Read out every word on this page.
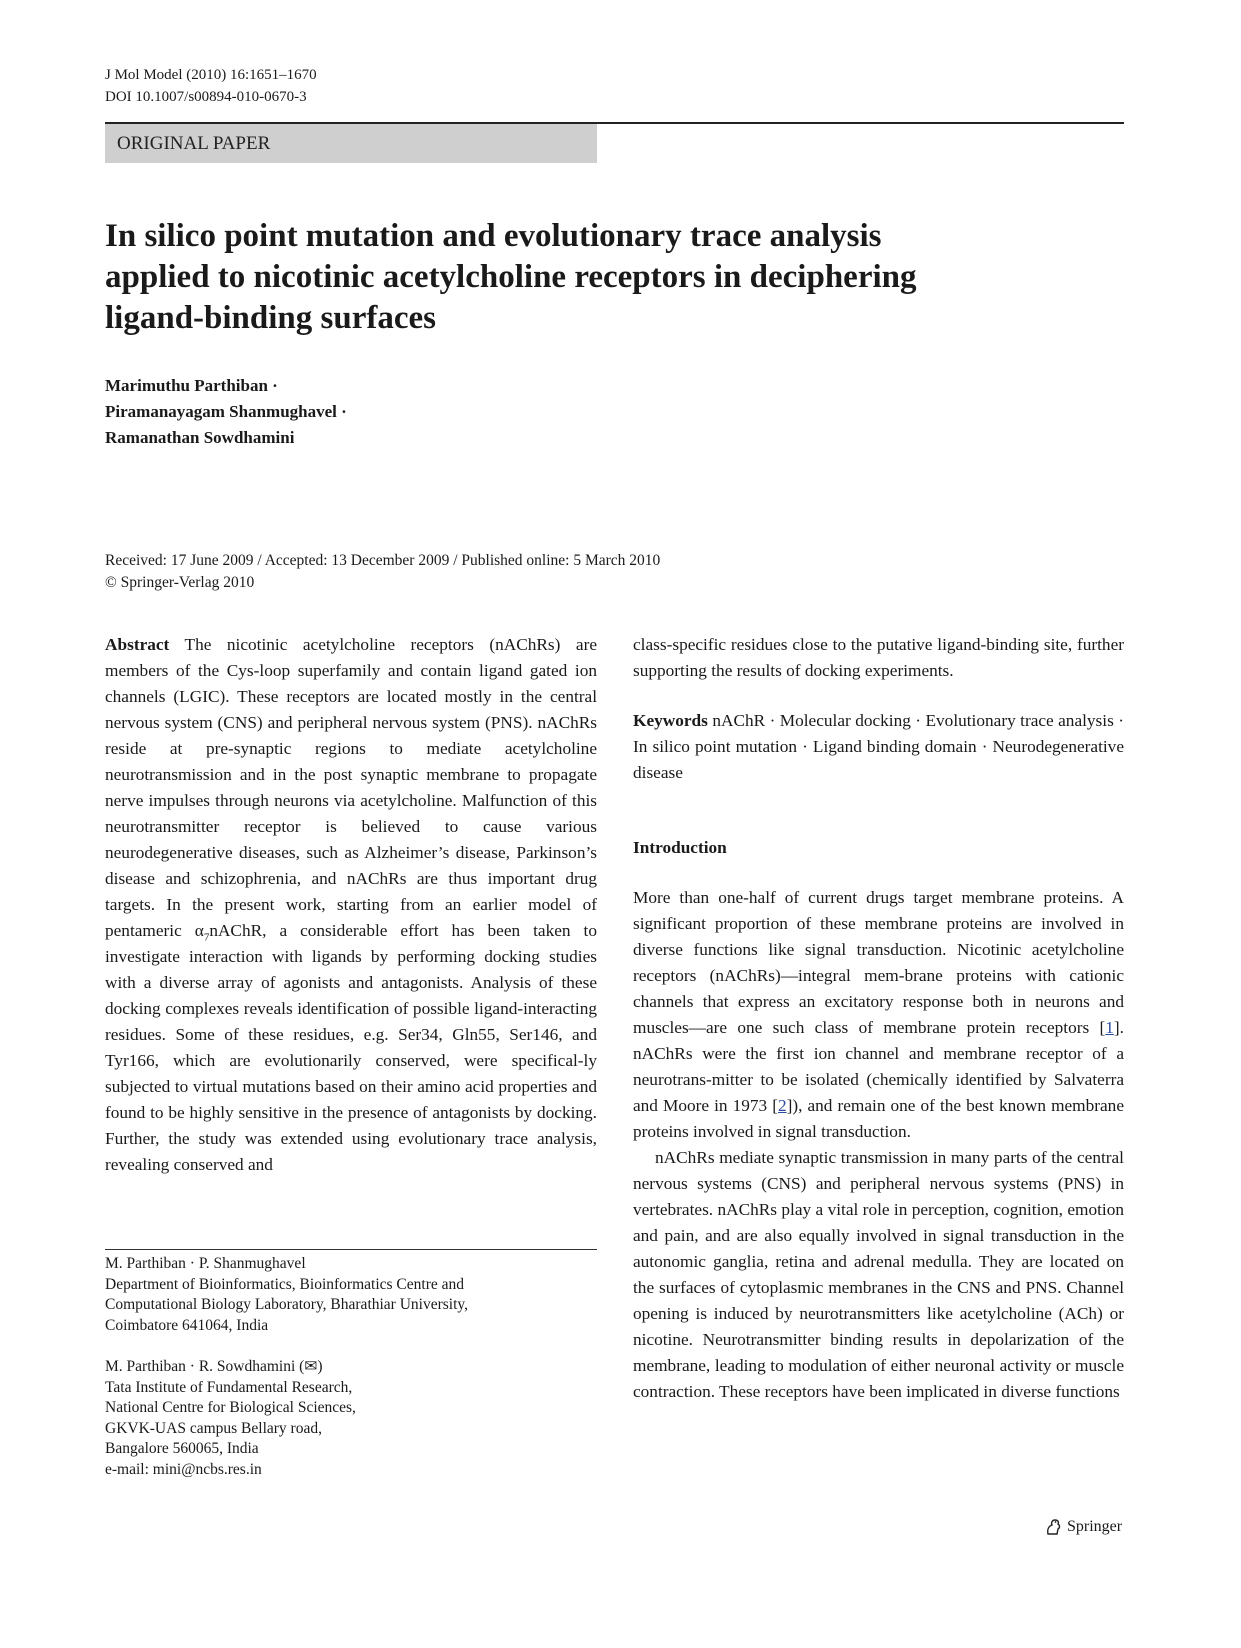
J Mol Model (2010) 16:1651–1670
DOI 10.1007/s00894-010-0670-3
ORIGINAL PAPER
In silico point mutation and evolutionary trace analysis
applied to nicotinic acetylcholine receptors in deciphering
ligand-binding surfaces
Marimuthu Parthiban ·
Piramanayagam Shanmughavel ·
Ramanathan Sowdhamini
Received: 17 June 2009 / Accepted: 13 December 2009 / Published online: 5 March 2010
© Springer-Verlag 2010

Abstract The nicotinic acetylcholine receptors (nAChRs) are members of the Cys-loop superfamily and contain ligand gated ion channels (LGIC). These receptors are located mostly in the central nervous system (CNS) and peripheral nervous system (PNS). nAChRs reside at pre-synaptic regions to mediate acetylcholine neurotransmission and in the post synaptic membrane to propagate nerve impulses through neurons via acetylcholine. Malfunction of this neurotransmitter receptor is believed to cause various neurodegenerative diseases, such as Alzheimer’s disease, Parkinson’s disease and schizophrenia, and nAChRs are thus important drug targets. In the present work, starting from an earlier model of pentameric $\alpha_7nAChR$, a considerable effort has been taken to investigate interaction with ligands by performing docking studies with a diverse array of agonists and antagonists. Analysis of these docking complexes reveals identification of possible ligand-interacting residues. Some of these residues, e.g. Ser34, Gln55, Ser146, and Tyr166, which are evolutionarily conserved, were specifical-ly subjected to virtual mutations based on their amino acid properties and found to be highly sensitive in the presence of antagonists by docking. Further, the study was extended using evolutionary trace analysis, revealing conserved and

class-specific residues close to the putative ligand-binding site, further supporting the results of docking experiments.

Keywords nAChR · Molecular docking · Evolutionary trace analysis · In silico point mutation · Ligand binding domain · Neurodegenerative disease

Introduction

More than one-half of current drugs target membrane proteins. A significant proportion of these membrane proteins are involved in diverse functions like signal transduction. Nicotinic acetylcholine receptors (nAChRs)—integral mem-brane proteins with cationic channels that express an excitatory response both in neurons and muscles—are one such class of membrane protein receptors [1]. nAChRs were the first ion channel and membrane receptor of a neurotrans-mitter to be isolated (chemically identified by Salvaterra and Moore in 1973 [2]), and remain one of the best known membrane proteins involved in signal transduction.

nAChRs mediate synaptic transmission in many parts of the central nervous systems (CNS) and peripheral nervous systems (PNS) in vertebrates. nAChRs play a vital role in perception, cognition, emotion and pain, and are also equally involved in signal transduction in the autonomic ganglia, retina and adrenal medulla. They are located on the surfaces of cytoplasmic membranes in the CNS and PNS. Channel opening is induced by neurotransmitters like acetylcholine (ACh) or nicotine. Neurotransmitter binding results in depolarization of the membrane, leading to modulation of either neuronal activity or muscle contraction. These receptors have been implicated in diverse functions

M. Parthiban · P. Shanmughavel
Department of Bioinformatics, Bioinformatics Centre and
Computational Biology Laboratory, Bharathiar University,
Coimbatore 641064, India
M. Parthiban · R. Sowdhamini (✉)
Tata Institute of Fundamental Research,
National Centre for Biological Sciences,
GKVK-UAS campus Bellary road,
Bangalore 560065, India
e-mail: mini@ncbs.res.in
Springer
